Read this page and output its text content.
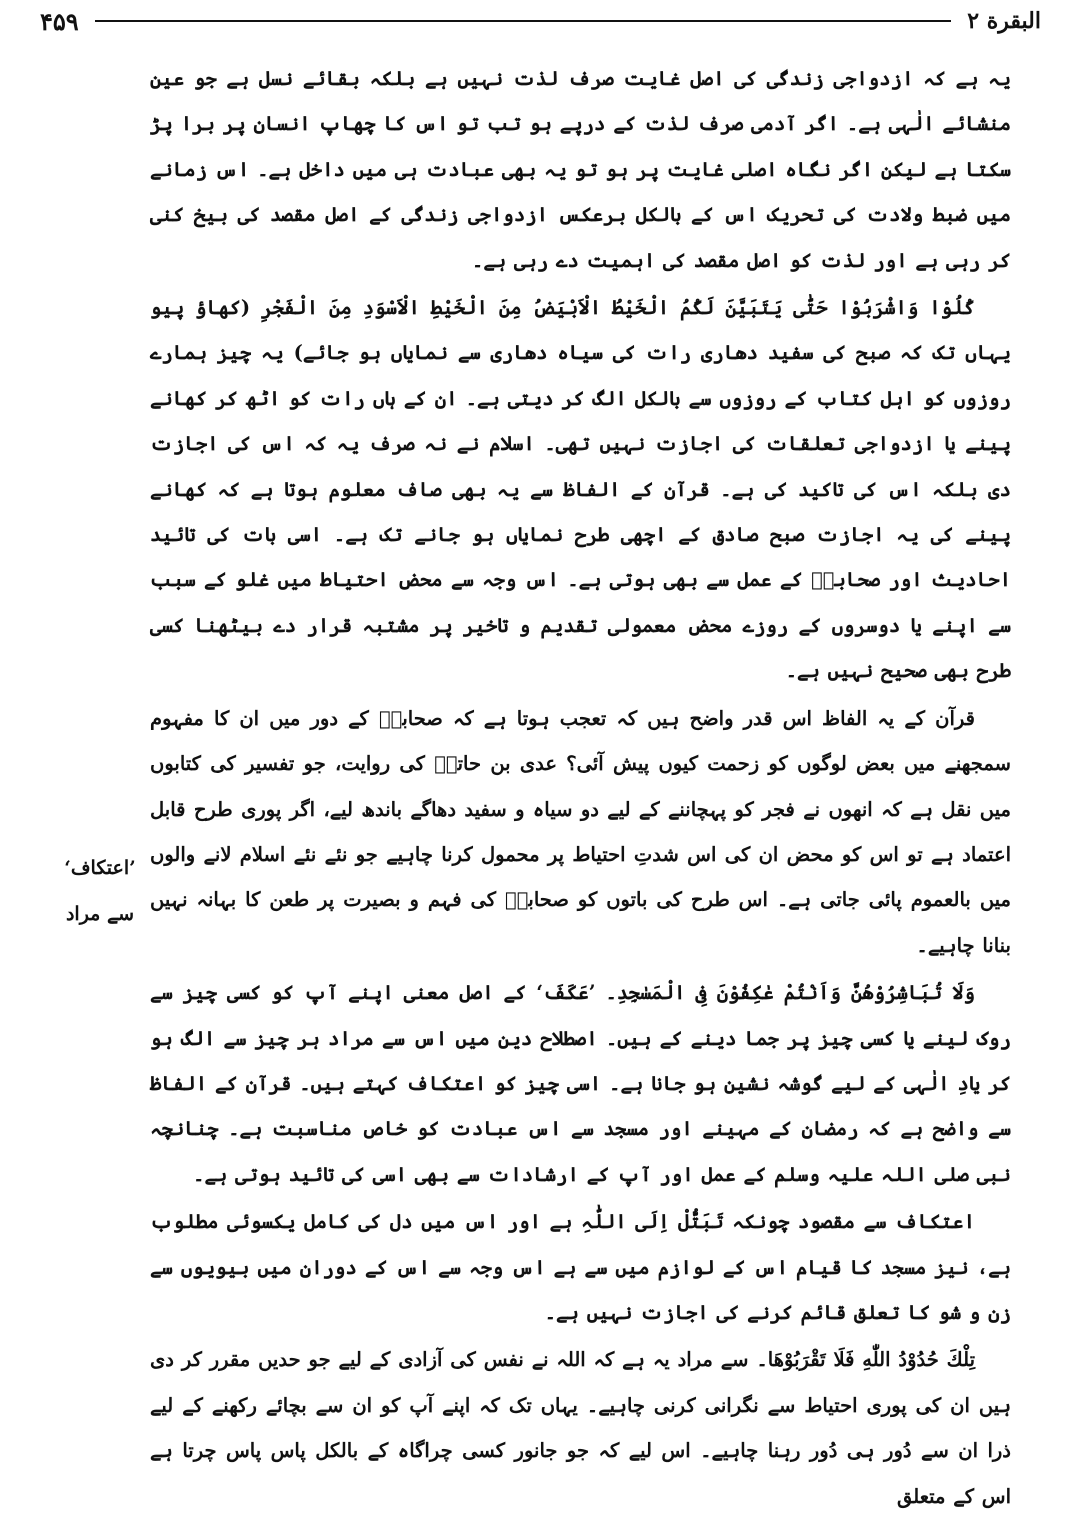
۴۵۹	البقرة ۲
’اعتکاف‘
سے مراد

یہ ہے کہ ازدواجی زندگی کی اصل غایت صرف لذت نہیں ہے بلکہ بقائے نسل ہے جو عین منشائے الٰہی ہے۔ اگر آدمی صرف لذت کے درپے ہو تب تو اس کا چھاپ انسان پر برا پڑ سکتا ہے لیکن اگر نگاہ اصلی غایت پر ہو تو یہ بھی عبادت ہی میں داخل ہے۔ اس زمانے میں ضبط ولادت کی تحریک اس کے بالکل برعکس ازدواجی زندگی کے اصل مقصد کی بیخ کنی کر رہی ہے اور لذت کو اصل مقصد کی اہمیت دے رہی ہے۔

کُلُوْا وَاشْرَبُوْا حَتّٰی یَتَبَیَّنَ لَکُمُ الْخَیْطُ الْاَبْیَضُ مِنَ الْخَیْطِ الْاَسْوَدِ مِنَ الْفَجْرِ (کھاؤ پیو یہاں تک کہ صبح کی سفید دھاری رات کی سیاہ دھاری سے نمایاں ہو جائے) یہ چیز ہمارے روزوں کو اہل کتاب کے روزوں سے بالکل الگ کر دیتی ہے۔ ان کے ہاں رات کو اٹھ کر کھانے پینے یا ازدواجی تعلقات کی اجازت نہیں تھی۔ اسلام نے نہ صرف یہ کہ اس کی اجازت دی بلکہ اس کی تاکید کی ہے۔ قرآن کے الفاظ سے یہ بھی صاف معلوم ہوتا ہے کہ کھانے پینے کی یہ اجازت صبح صادق کے اچھی طرح نمایاں ہو جانے تک ہے۔ اسی بات کی تائید احادیث اور صحابہؓ کے عمل سے بھی ہوتی ہے۔ اس وجہ سے محض احتیاط میں غلو کے سبب سے اپنے یا دوسروں کے روزے محض معمولی تقدیم و تاخیر پر مشتبہ قرار دے بیٹھنا کسی طرح بھی صحیح نہیں ہے۔

قرآن کے یہ الفاظ اس قدر واضح ہیں کہ تعجب ہوتا ہے کہ صحابہؓ کے دور میں ان کا مفہوم سمجھنے میں بعض لوگوں کو زحمت کیوں پیش آئی؟ عدی بن حاتمؓ کی روایت، جو تفسیر کی کتابوں میں نقل ہے کہ انھوں نے فجر کو پہچاننے کے لیے دو سیاہ و سفید دھاگے باندھ لیے، اگر پوری طرح قابل اعتماد ہے تو اس کو محض ان کی اس شدتِ احتیاط پر محمول کرنا چاہیے جو نئے نئے اسلام لانے والوں میں بالعموم پائی جاتی ہے۔ اس طرح کی باتوں کو صحابہؓ کی فہم و بصیرت پر طعن کا بہانہ نہیں بنانا چاہیے۔

وَلَا تُبَاشِرُوْهُنَّ وَاَنْتُمْ عٰكِفُوْنَ فِی الْمَسٰجِدِ۔ ’عَكَفَ‘ کے اصل معنی اپنے آپ کو کسی چیز سے روک لینے یا کسی چیز پر جما دینے کے ہیں۔ اصطلاح دین میں اس سے مراد ہر چیز سے الگ ہو کر یادِ الٰہی کے لیے گوشہ نشین ہو جانا ہے۔ اسی چیز کو اعتکاف کہتے ہیں۔ قرآن کے الفاظ سے واضح ہے کہ رمضان کے مہینے اور مسجد سے اس عبادت کو خاص مناسبت ہے۔ چنانچہ نبی صلی اللہ علیہ وسلم کے عمل اور آپ کے ارشادات سے بھی اسی کی تائید ہوتی ہے۔

اعتکاف سے مقصود چونکہ تَبَتُّلْ اِلَی اللّٰہِ ہے اور اس میں دل کی کامل یکسوئی مطلوب ہے، نیز مسجد کا قیام اس کے لوازم میں سے ہے اس وجہ سے اس کے دوران میں بیویوں سے زن و شو کا تعلق قائم کرنے کی اجازت نہیں ہے۔

تِلْكَ حُدُوْدُ اللّٰهِ فَلَا تَقْرَبُوْهَا۔ سے مراد یہ ہے کہ اللہ نے نفس کی آزادی کے لیے جو حدیں مقرر کر دی ہیں ان کی پوری احتیاط سے نگرانی کرنی چاہیے۔ یہاں تک کہ اپنے آپ کو ان سے بچائے رکھنے کے لیے ذرا ان سے دُور ہی دُور رہنا چاہیے۔ اس لیے کہ جو جانور کسی چراگاہ کے بالکل پاس پاس چرتا ہے اس کے متعلق
